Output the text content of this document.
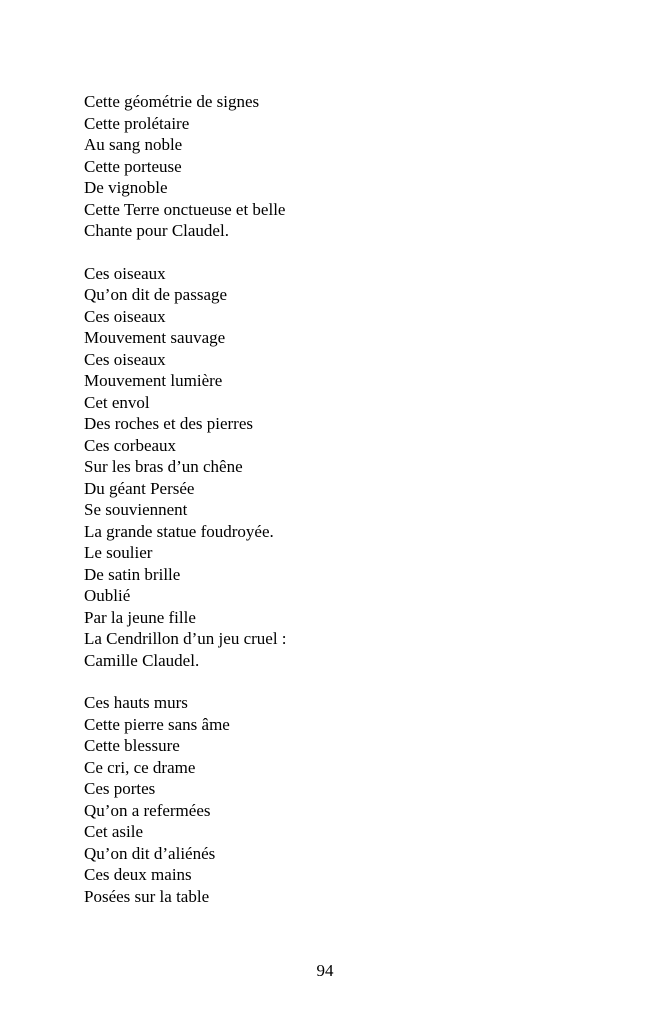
Cette géométrie de signes
Cette prolétaire
Au sang noble
Cette porteuse
De vignoble
Cette Terre onctueuse et belle
Chante pour Claudel.
Ces oiseaux
Qu’on dit de passage
Ces oiseaux
Mouvement sauvage
Ces oiseaux
Mouvement lumière
Cet envol
Des roches et des pierres
Ces corbeaux
Sur les bras d’un chêne
Du géant Persée
Se souviennent
La grande statue foudroyée.
Le soulier
De satin brille
Oublié
Par la jeune fille
La Cendrillon d’un jeu cruel :
Camille Claudel.
Ces hauts murs
Cette pierre sans âme
Cette blessure
Ce cri, ce drame
Ces portes
Qu’on a refermées
Cet asile
Qu’on dit d’aliénés
Ces deux mains
Posées sur la table
94
